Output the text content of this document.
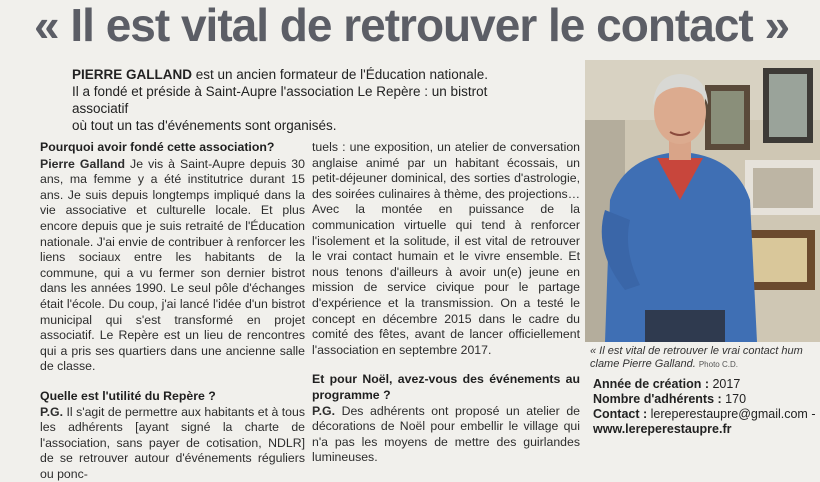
« Il est vital de retrouver le contact »
PIERRE GALLAND est un ancien formateur de l'Éducation nationale.
Il a fondé et préside à Saint-Aupre l'association Le Repère : un bistrot associatif
où tout un tas d'événements sont organisés.
Pourquoi avoir fondé cette association?

Pierre Galland Je vis à Saint-Aupre depuis 30 ans, ma femme y a été institutrice durant 15 ans. Je suis depuis longtemps impliqué dans la vie associative et culturelle locale. Et plus encore depuis que je suis retraité de l'Éducation nationale. J'ai envie de contribuer à renforcer les liens sociaux entre les habitants de la commune, qui a vu fermer son dernier bistrot dans les années 1990. Le seul pôle d'échanges était l'école. Du coup, j'ai lancé l'idée d'un bistrot municipal qui s'est transformé en projet associatif. Le Repère est un lieu de rencontres qui a pris ses quartiers dans une ancienne salle de classe.

Quelle est l'utilité du Repère ?

P.G. Il s'agit de permettre aux habitants et à tous les adhérents [ayant signé la charte de l'association, sans payer de cotisation, NDLR] de se retrouver autour d'événements réguliers ou ponc-

tuels : une exposition, un atelier de conversation anglaise animé par un habitant écossais, un petit-déjeuner dominical, des sorties d'astrologie, des soirées culinaires à thème, des projections… Avec la montée en puissance de la communication virtuelle qui tend à renforcer l'isolement et la solitude, il est vital de retrouver le vrai contact humain et le vivre ensemble. Et nous tenons d'ailleurs à avoir un(e) jeune en mission de service civique pour le partage d'expérience et la transmission. On a testé le concept en décembre 2015 dans le cadre du comité des fêtes, avant de lancer officiellement l'association en septembre 2017.

Et pour Noël, avez-vous des événements au programme ?

P.G. Des adhérents ont proposé un atelier de décorations de Noël pour embellir le village qui n'a pas les moyens de mettre des guirlandes lumineuses.

« Il est vital de retrouver le vrai contact hum
clame Pierre Galland. Photo C.D.
Année de création : 2017
Nombre d'adhérents : 170
Contact : lereperestaupre@gmail.com -
www.lereperestaupre.fr
